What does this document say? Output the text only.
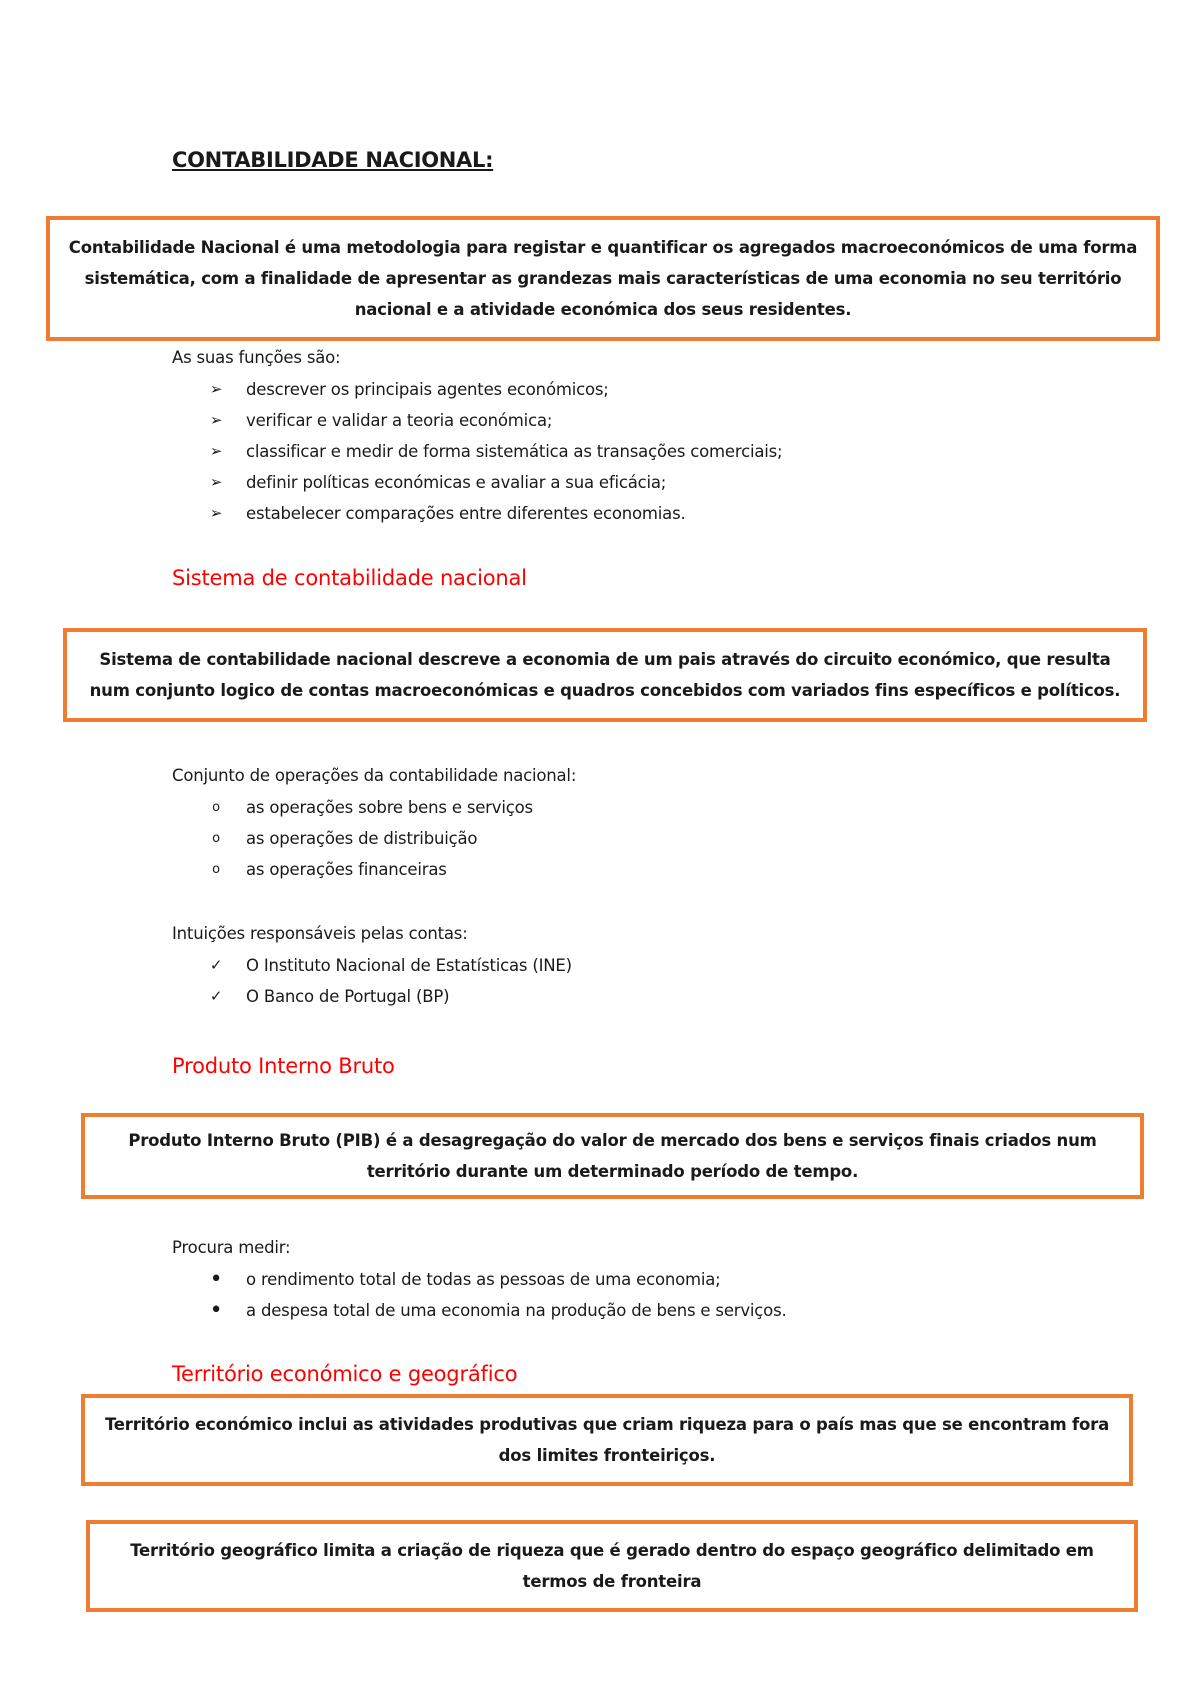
CONTABILIDADE NACIONAL:
Contabilidade Nacional é uma metodologia para registar e quantificar os agregados macroeconómicos de uma forma sistemática, com a finalidade de apresentar as grandezas mais características de uma economia no seu território nacional e a atividade económica dos seus residentes.
As suas funções são:
➢ descrever os principais agentes económicos;
➢ verificar e validar a teoria económica;
➢ classificar e medir de forma sistemática as transações comerciais;
➢ definir políticas económicas e avaliar a sua eficácia;
➢ estabelecer comparações entre diferentes economias.
Sistema de contabilidade nacional
Sistema de contabilidade nacional descreve a economia de um pais através do circuito económico, que resulta num conjunto logico de contas macroeconómicas e quadros concebidos com variados fins específicos e políticos.
Conjunto de operações da contabilidade nacional:
o	as operações sobre bens e serviços
o	as operações de distribuição
o	as operações financeiras
Intuições responsáveis pelas contas:
✓ O Instituto Nacional de Estatísticas (INE)
✓ O Banco de Portugal (BP)
Produto Interno Bruto
Produto Interno Bruto (PIB) é a desagregação do valor de mercado dos bens e serviços finais criados num território durante um determinado período de tempo.
Procura medir:
• o rendimento total de todas as pessoas de uma economia;
• a despesa total de uma economia na produção de bens e serviços.
Território económico e geográfico
Território económico inclui as atividades produtivas que criam riqueza para o país mas que se encontram fora dos limites fronteiriços.
Território geográfico limita a criação de riqueza que é gerado dentro do espaço geográfico delimitado em termos de fronteira
